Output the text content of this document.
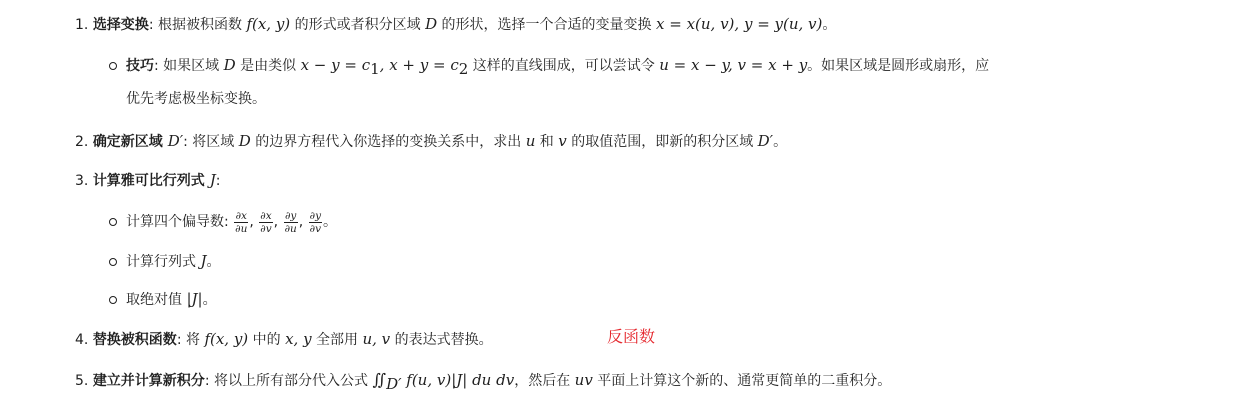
1. 选择变换: 根据被积函数 f(x, y) 的形式或者积分区域 D 的形状，选择一个合适的变量变换 x = x(u, v), y = y(u, v)。
技巧: 如果区域 D 是由类似 $x - y = c_1$, $x + y = c_2$ 这样的直线围成，可以尝试令 u = x − y, v = x + y。如果区域是圆形或扇形，应
优先考虑极坐标变换。
2. 确定新区域 D′: 将区域 D 的边界方程代入你选择的变换关系中，求出 u 和 v 的取值范围，即新的积分区域 D′。
3. 计算雅可比行列式 J:
计算四个偏导数: $\frac{\partial x}{\partial u}$ , $\frac{\partial x}{\partial v}$ , $\frac{\partial y}{\partial u}$ , $\frac{\partial y}{\partial v}$ 。
计算行列式 J。
取绝对值 |J|。
4. 替换被积函数: 将 f(x, y) 中的 x, y 全部用 u, v 的表达式替换。	反函数
5. 建立并计算新积分: 将以上所有部分代入公式 $∬_{D'}$ f(u, v)|J| du dv，然后在 uv 平面上计算这个新的、通常更简单的二重积分。
